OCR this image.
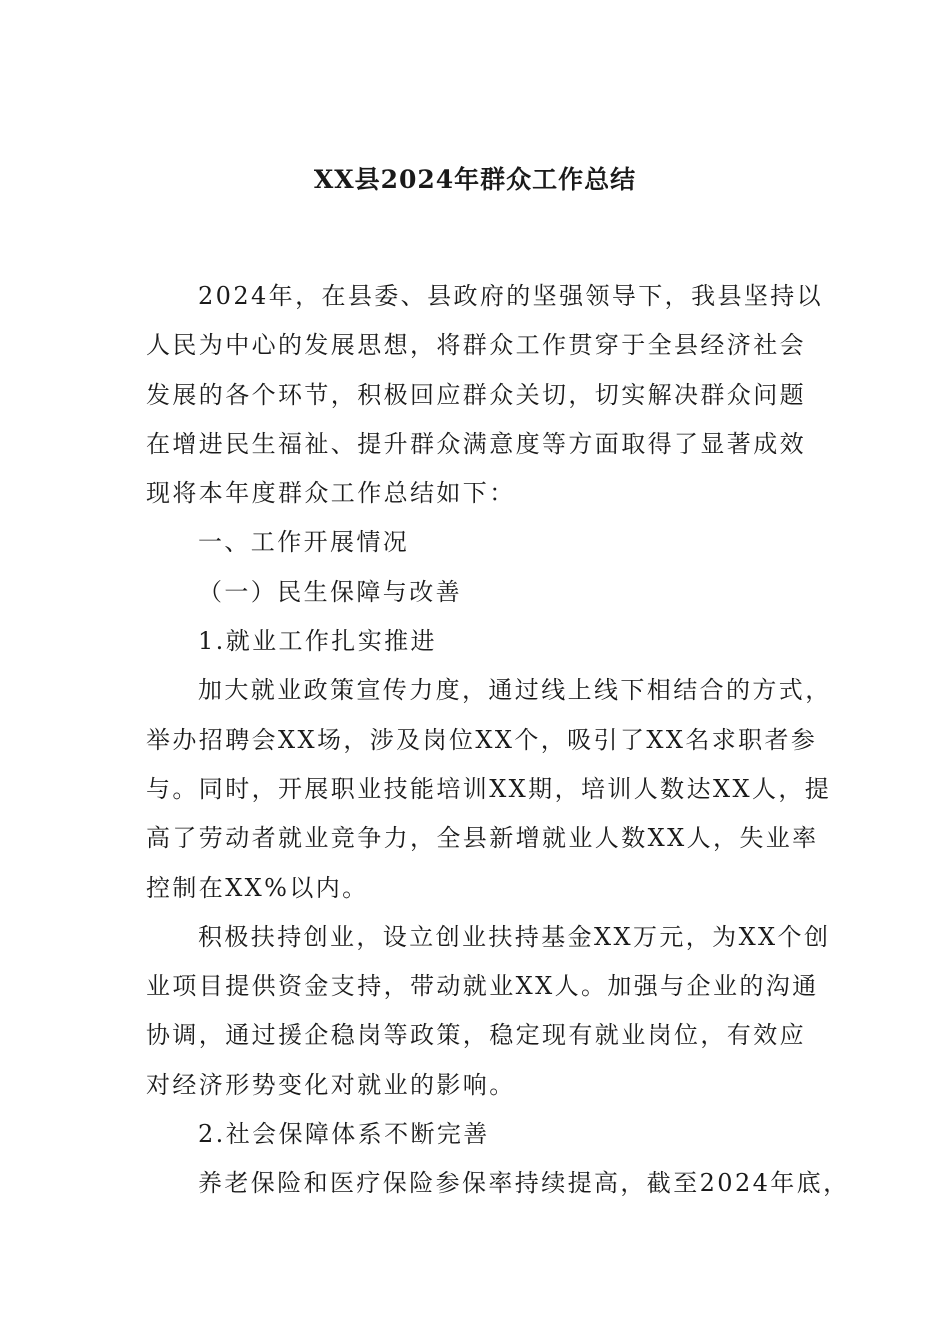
XX县2024年群众工作总结
2024年，在县委、县政府的坚强领导下，我县坚持以
人民为中心的发展思想，将群众工作贯穿于全县经济社会
发展的各个环节，积极回应群众关切，切实解决群众问题
在增进民生福祉、提升群众满意度等方面取得了显著成效
现将本年度群众工作总结如下：
一、工作开展情况
（一）民生保障与改善
1.就业工作扎实推进
加大就业政策宣传力度，通过线上线下相结合的方式，
举办招聘会XX场，涉及岗位XX个，吸引了XX名求职者参
与。同时，开展职业技能培训XX期，培训人数达XX人，提
高了劳动者就业竞争力，全县新增就业人数XX人，失业率
控制在XX%以内。
积极扶持创业，设立创业扶持基金XX万元，为XX个创
业项目提供资金支持，带动就业XX人。加强与企业的沟通
协调，通过援企稳岗等政策，稳定现有就业岗位，有效应
对经济形势变化对就业的影响。
2.社会保障体系不断完善
养老保险和医疗保险参保率持续提高，截至2024年底，
